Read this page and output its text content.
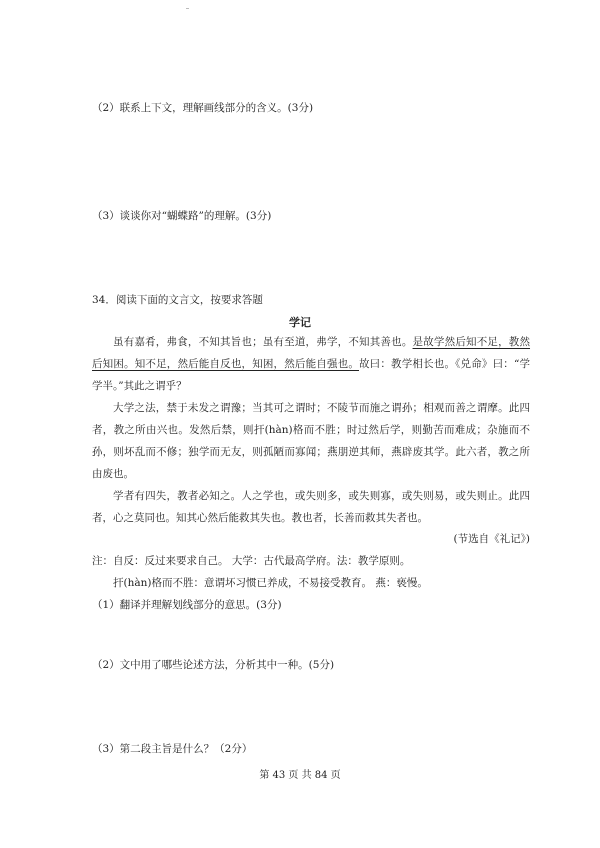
（2）联系上下文，理解画线部分的含义。(3分)

（3）谈谈你对“蝴蝶路”的理解。(3分)

34．阅读下面的文言文，按要求答题

学记

虽有嘉肴，弗食，不知其旨也；虽有至道，弗学，不知其善也。是故学然后知不足，教然后知困。知不足，然后能自反也，知困，然后能自强也。故曰：教学相长也。《兑命》曰：“学学半。”其此之谓乎？

大学之法，禁于未发之谓豫；当其可之谓时；不陵节而施之谓孙；相观而善之谓摩。此四者，教之所由兴也。发然后禁，则扞(hàn)格而不胜；时过然后学，则勤苦而难成；杂施而不孙，则坏乱而不修；独学而无友，则孤陋而寡闻；燕朋逆其师，燕辟废其学。此六者，教之所由废也。

学者有四失，教者必知之。人之学也，或失则多，或失则寡，或失则易，或失则止。此四者，心之莫同也。知其心然后能救其失也。教也者，长善而救其失者也。

(节选自《礼记》)

注：自反：反过来要求自己。 大学：古代最高学府。法：教学原则。

扞(hàn)格而不胜：意谓坏习惯已养成，不易接受教育。 燕：亵慢。

（1）翻译并理解划线部分的意思。(3分)

（2）文中用了哪些论述方法，分析其中一种。(5分)

（3）第二段主旨是什么？（2分）

第 43 页 共 84 页
